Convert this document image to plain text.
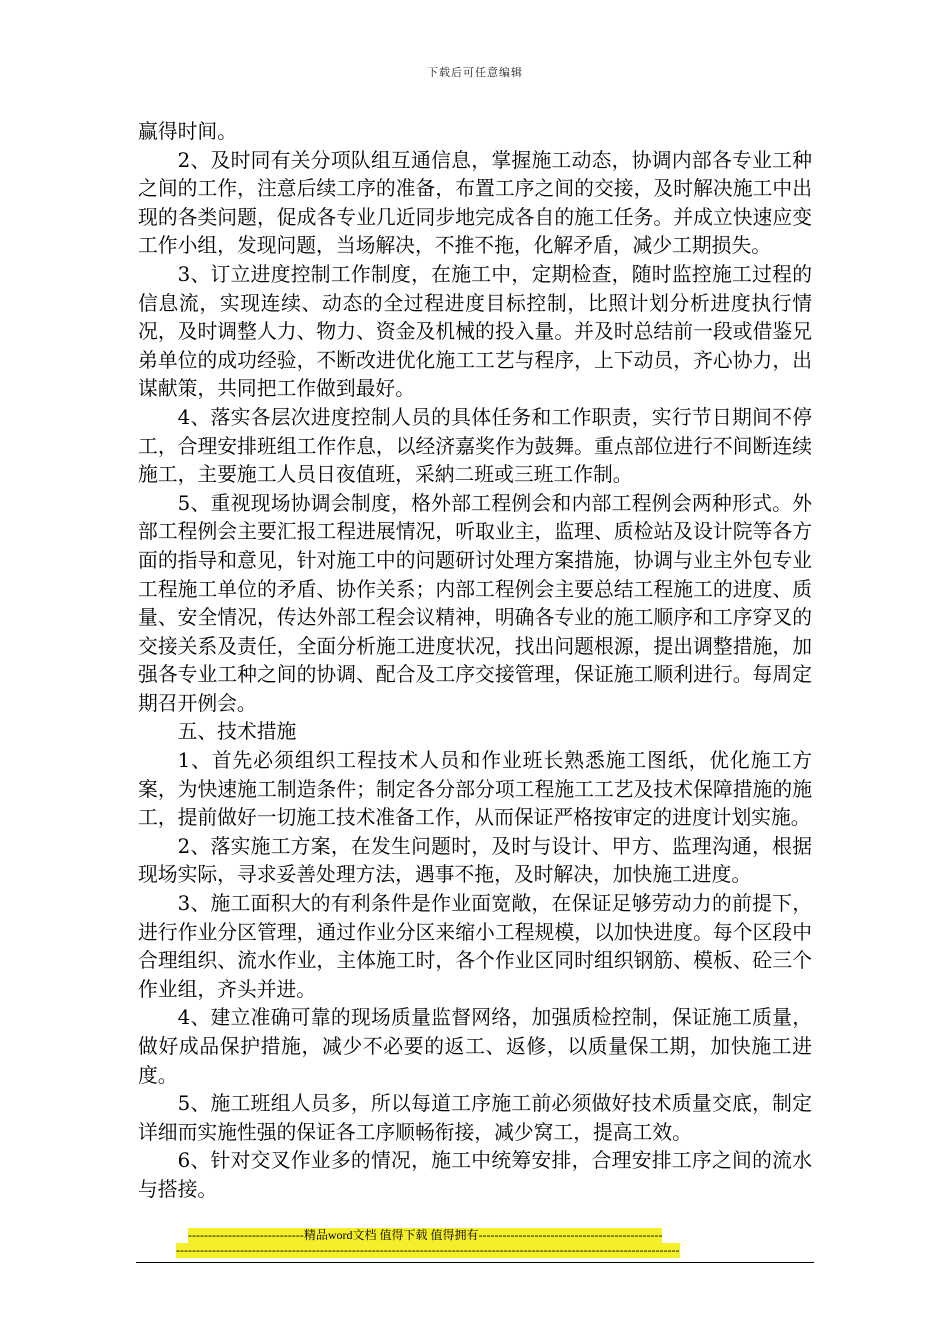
下载后可任意编辑

赢得时间。

2、及时同有关分项队组互通信息，掌握施工动态，协调内部各专业工种之间的工作，注意后续工序的准备，布置工序之间的交接，及时解决施工中出现的各类问题，促成各专业几近同步地完成各自的施工任务。并成立快速应变工作小组，发现问题，当场解决，不推不拖，化解矛盾，减少工期损失。

3、订立进度控制工作制度，在施工中，定期检查，随时监控施工过程的信息流，实现连续、动态的全过程进度目标控制，比照计划分析进度执行情况，及时调整人力、物力、资金及机械的投入量。并及时总结前一段或借鉴兄弟单位的成功经验，不断改进优化施工工艺与程序，上下动员，齐心协力，出谋献策，共同把工作做到最好。

4、落实各层次进度控制人员的具体任务和工作职责，实行节日期间不停工，合理安排班组工作作息，以经济嘉奖作为鼓舞。重点部位进行不间断连续施工，主要施工人员日夜值班，采納二班或三班工作制。

5、重视现场协调会制度，格外部工程例会和内部工程例会两种形式。外部工程例会主要汇报工程进展情况，听取业主，监理、质检站及设计院等各方面的指导和意见，针对施工中的问题研讨处理方案措施，协调与业主外包专业工程施工单位的矛盾、协作关系；内部工程例会主要总结工程施工的进度、质量、安全情况，传达外部工程会议精神，明确各专业的施工顺序和工序穿叉的交接关系及责任，全面分析施工进度状况，找出问题根源，提出调整措施，加强各专业工种之间的协调、配合及工序交接管理，保证施工顺利进行。每周定期召开例会。

五、技术措施

1、首先必须组织工程技术人员和作业班长熟悉施工图纸，优化施工方案，为快速施工制造条件；制定各分部分项工程施工工艺及技术保障措施的施工，提前做好一切施工技术准备工作，从而保证严格按审定的进度计划实施。

2、落实施工方案，在发生问题时，及时与设计、甲方、监理沟通，根据现场实际，寻求妥善处理方法，遇事不拖，及时解决，加快施工进度。

3、施工面积大的有利条件是作业面宽敞，在保证足够劳动力的前提下，进行作业分区管理，通过作业分区来缩小工程规模，以加快进度。每个区段中合理组织、流水作业，主体施工时，各个作业区同时组织钢筋、模板、砼三个作业组，齐头并进。

4、建立准确可靠的现场质量监督网络，加强质检控制，保证施工质量，做好成品保护措施，减少不必要的返工、返修，以质量保工期，加快施工进度。

5、施工班组人员多，所以每道工序施工前必须做好技术质量交底，制定详细而实施性强的保证各工序顺畅衔接，减少窝工，提高工效。

6、针对交叉作业多的情况，施工中统筹安排，合理安排工序之间的流水与搭接。

-----------------------------精品word文档 值得下载 值得拥有----------------------------------------------
------------------------------------------------------------------------------------------------------------------------------
